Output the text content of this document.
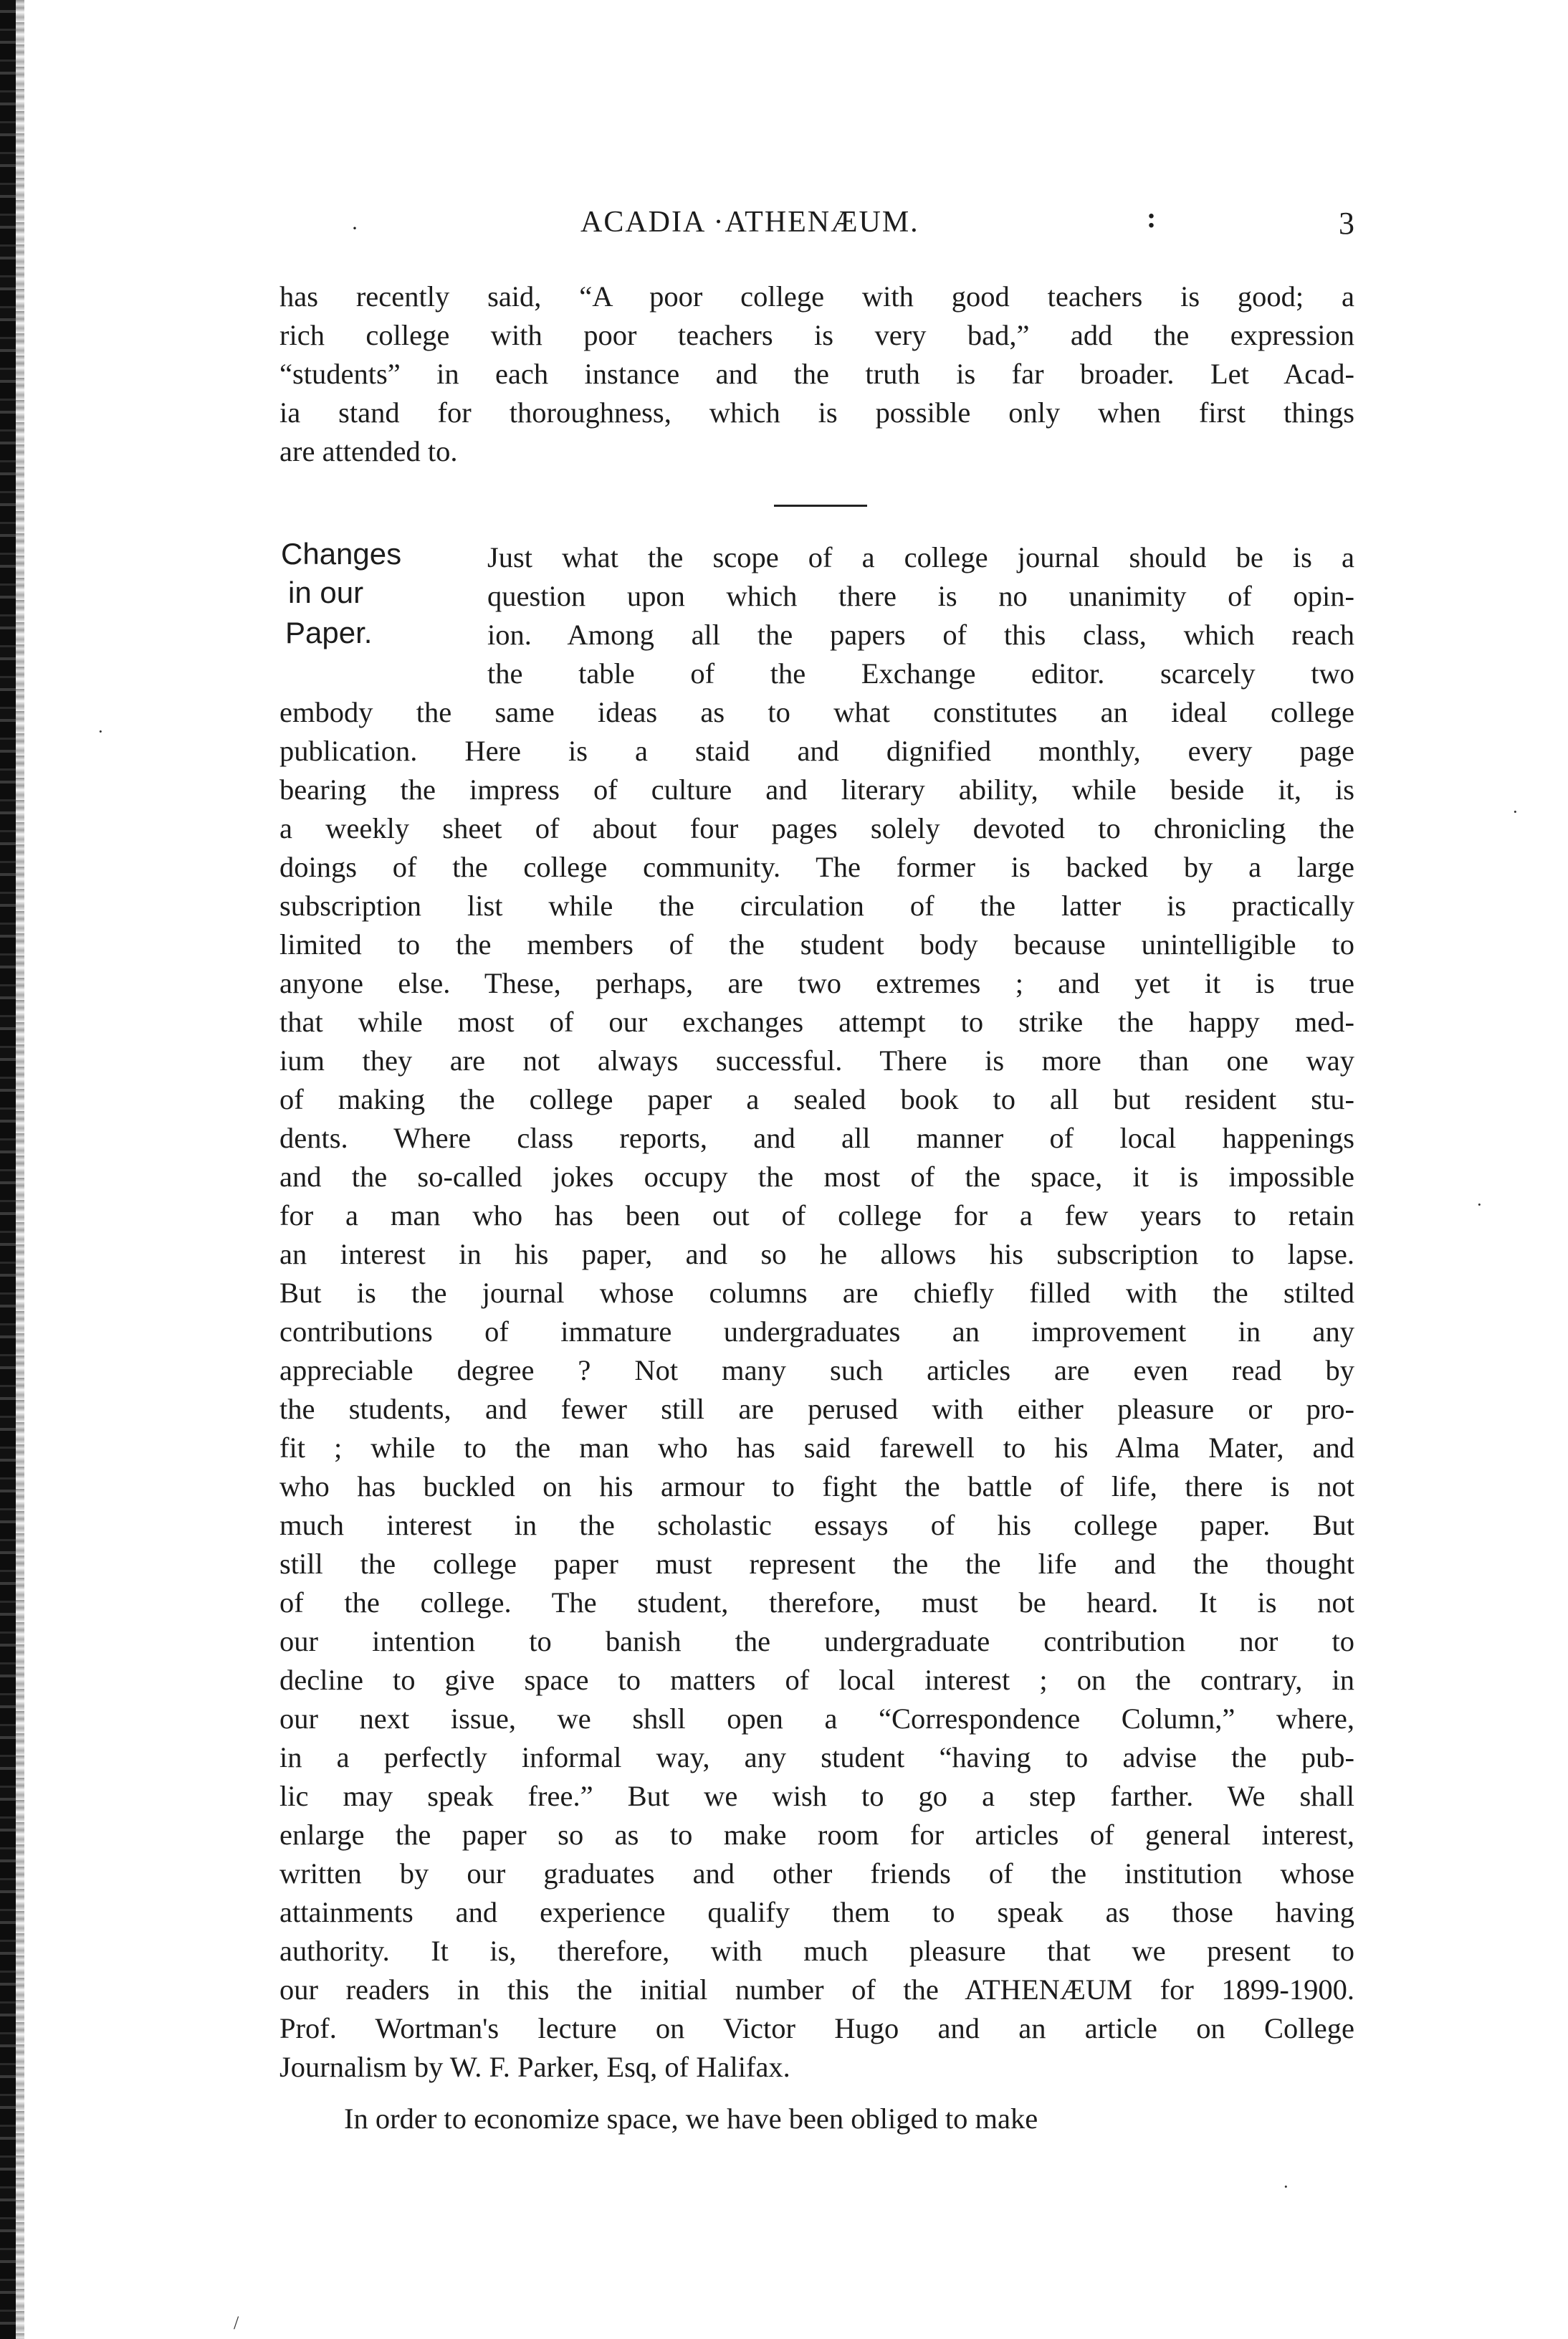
·	ACADIA ·ATHENÆUM.	:	3
Changes
in our
Paper.
has recently said, “A poor college with good teachers is good; a
rich college with poor teachers is very bad,” add the expression
“students” in each instance and the truth is far broader. Let Acad-
ia stand for thoroughness, which is possible only when first things
are attended to.
Just what the scope of a college journal should be is a
question upon which there is no unanimity of opin-
ion. Among all the papers of this class, which reach
the table of the Exchange editor. scarcely two
embody the same ideas as to what constitutes an ideal college
publication. Here is a staid and dignified monthly, every page
bearing the impress of culture and literary ability, while beside it, is
a weekly sheet of about four pages solely devoted to chronicling the
doings of the college community. The former is backed by a large
subscription list while the circulation of the latter is practically
limited to the members of the student body because unintelligible to
anyone else. These, perhaps, are two extremes ; and yet it is true
that while most of our exchanges attempt to strike the happy med-
ium they are not always successful. There is more than one way
of making the college paper a sealed book to all but resident stu-
dents. Where class reports, and all manner of local happenings
and the so-called jokes occupy the most of the space, it is impossible
for a man who has been out of college for a few years to retain
an interest in his paper, and so he allows his subscription to lapse.
But is the journal whose columns are chiefly filled with the stilted
contributions of immature undergraduates an improvement in any
appreciable degree ? Not many such articles are even read by
the students, and fewer still are perused with either pleasure or pro-
fit ; while to the man who has said farewell to his Alma Mater, and
who has buckled on his armour to fight the battle of life, there is not
much interest in the scholastic essays of his college paper. But
still the college paper must represent the the life and the thought
of the college. The student, therefore, must be heard. It is not
our intention to banish the undergraduate contribution nor to
decline to give space to matters of local interest ; on the contrary, in
our next issue, we shsll open a “Correspondence Column,” where,
in a perfectly informal way, any student “having to advise the pub-
lic may speak free.” But we wish to go a step farther. We shall
enlarge the paper so as to make room for articles of general interest,
written by our graduates and other friends of the institution whose
attainments and experience qualify them to speak as those having
authority. It is, therefore, with much pleasure that we present to
our readers in this the initial number of the ATHENÆUM for 1899-1900.
Prof. Wortman's lecture on Victor Hugo and an article on College
Journalism by W. F. Parker, Esq, of Halifax.
In order to economize space, we have been obliged to make
·
·
·
·
/
